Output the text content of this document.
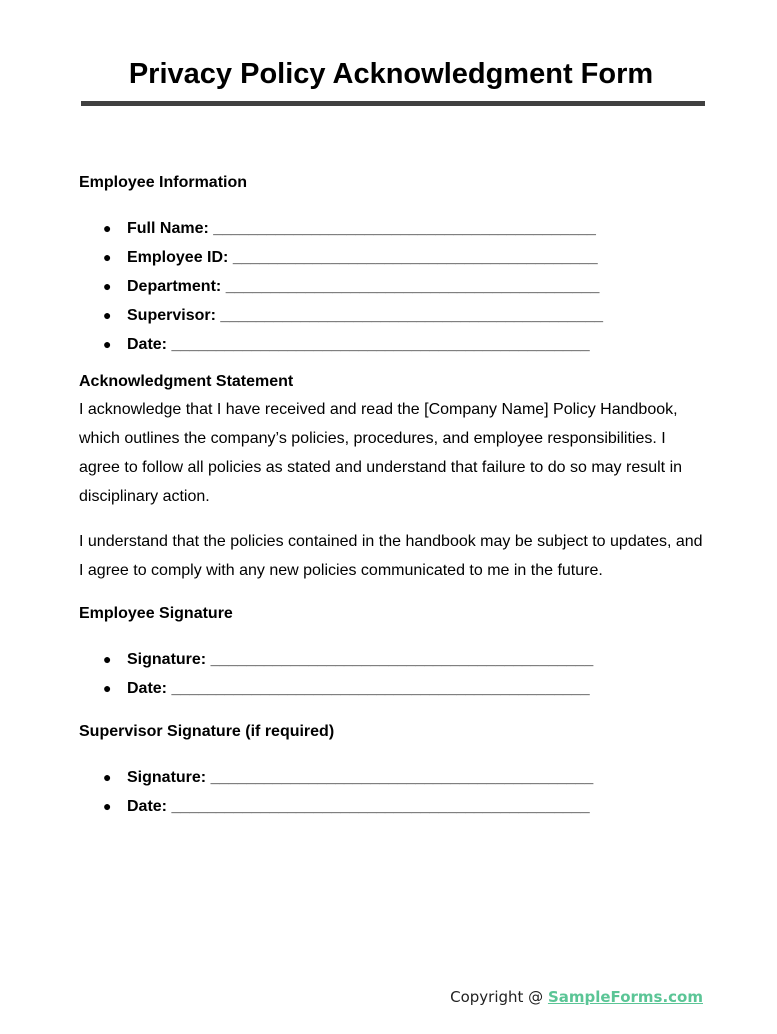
Privacy Policy Acknowledgment Form
Employee Information
● Full Name: ___________________________________________
● Employee ID: _________________________________________
● Department: __________________________________________
● Supervisor: ___________________________________________
● Date: _______________________________________________
Acknowledgment Statement

I acknowledge that I have received and read the [Company Name] Policy Handbook, which outlines the company’s policies, procedures, and employee responsibilities. I agree to follow all policies as stated and understand that failure to do so may result in disciplinary action.

I understand that the policies contained in the handbook may be subject to updates, and I agree to comply with any new policies communicated to me in the future.

Employee Signature
● Signature: ___________________________________________
● Date: _______________________________________________
Supervisor Signature (if required)
● Signature: ___________________________________________
● Date: _______________________________________________
Copyright @ SampleForms.com
